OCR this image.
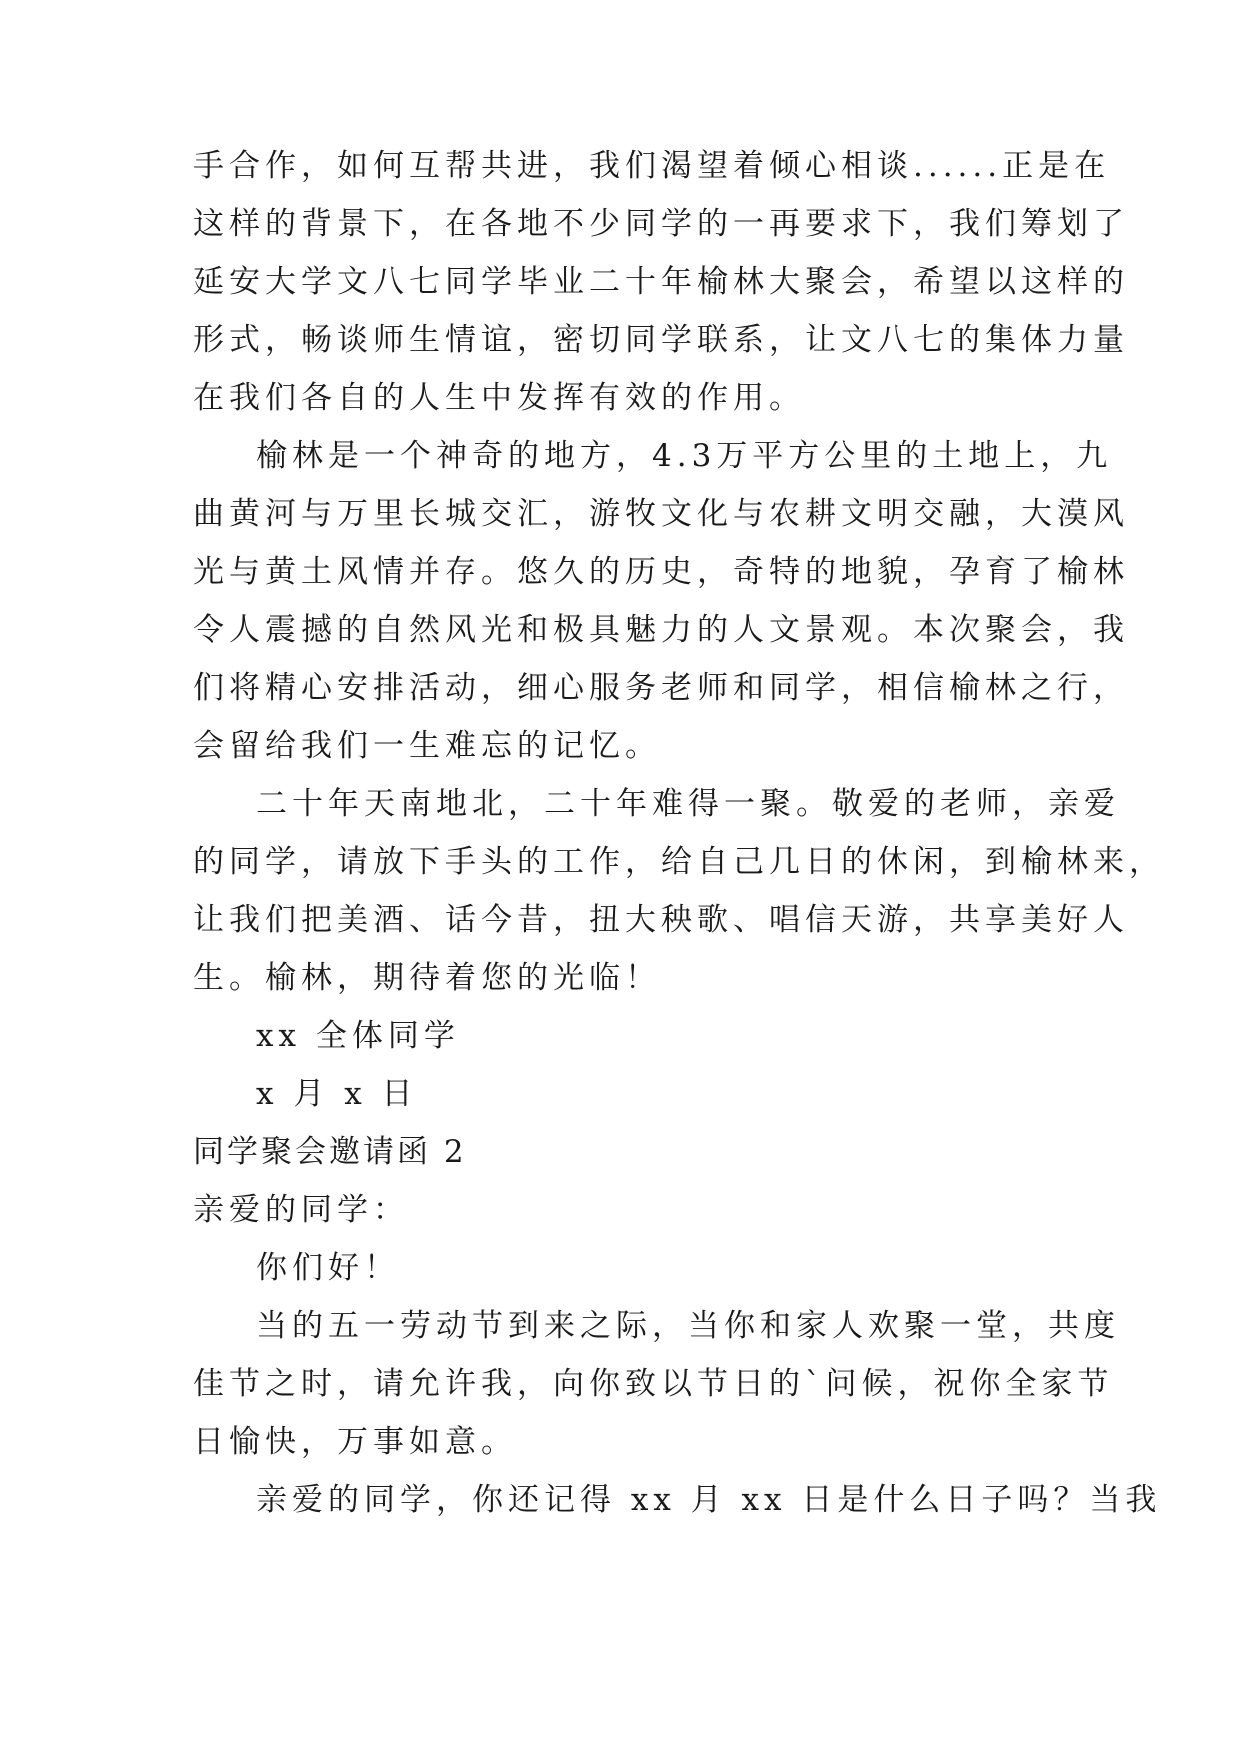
手合作，如何互帮共进，我们渴望着倾心相谈......正是在
这样的背景下，在各地不少同学的一再要求下，我们筹划了
延安大学文八七同学毕业二十年榆林大聚会，希望以这样的
形式，畅谈师生情谊，密切同学联系，让文八七的集体力量
在我们各自的人生中发挥有效的作用。
榆林是一个神奇的地方，4.3万平方公里的土地上，九
曲黄河与万里长城交汇，游牧文化与农耕文明交融，大漠风
光与黄土风情并存。悠久的历史，奇特的地貌，孕育了榆林
令人震撼的自然风光和极具魅力的人文景观。本次聚会，我
们将精心安排活动，细心服务老师和同学，相信榆林之行，
会留给我们一生难忘的记忆。
二十年天南地北，二十年难得一聚。敬爱的老师，亲爱
的同学，请放下手头的工作，给自己几日的休闲，到榆林来，
让我们把美酒、话今昔，扭大秧歌、唱信天游，共享美好人
生。榆林，期待着您的光临！
xx 全体同学
x 月 x 日
同学聚会邀请函 2
亲爱的同学：
你们好！
当的五一劳动节到来之际，当你和家人欢聚一堂，共度
佳节之时，请允许我，向你致以节日的`问候，祝你全家节
日愉快，万事如意。
亲爱的同学，你还记得 xx 月 xx 日是什么日子吗？当我
